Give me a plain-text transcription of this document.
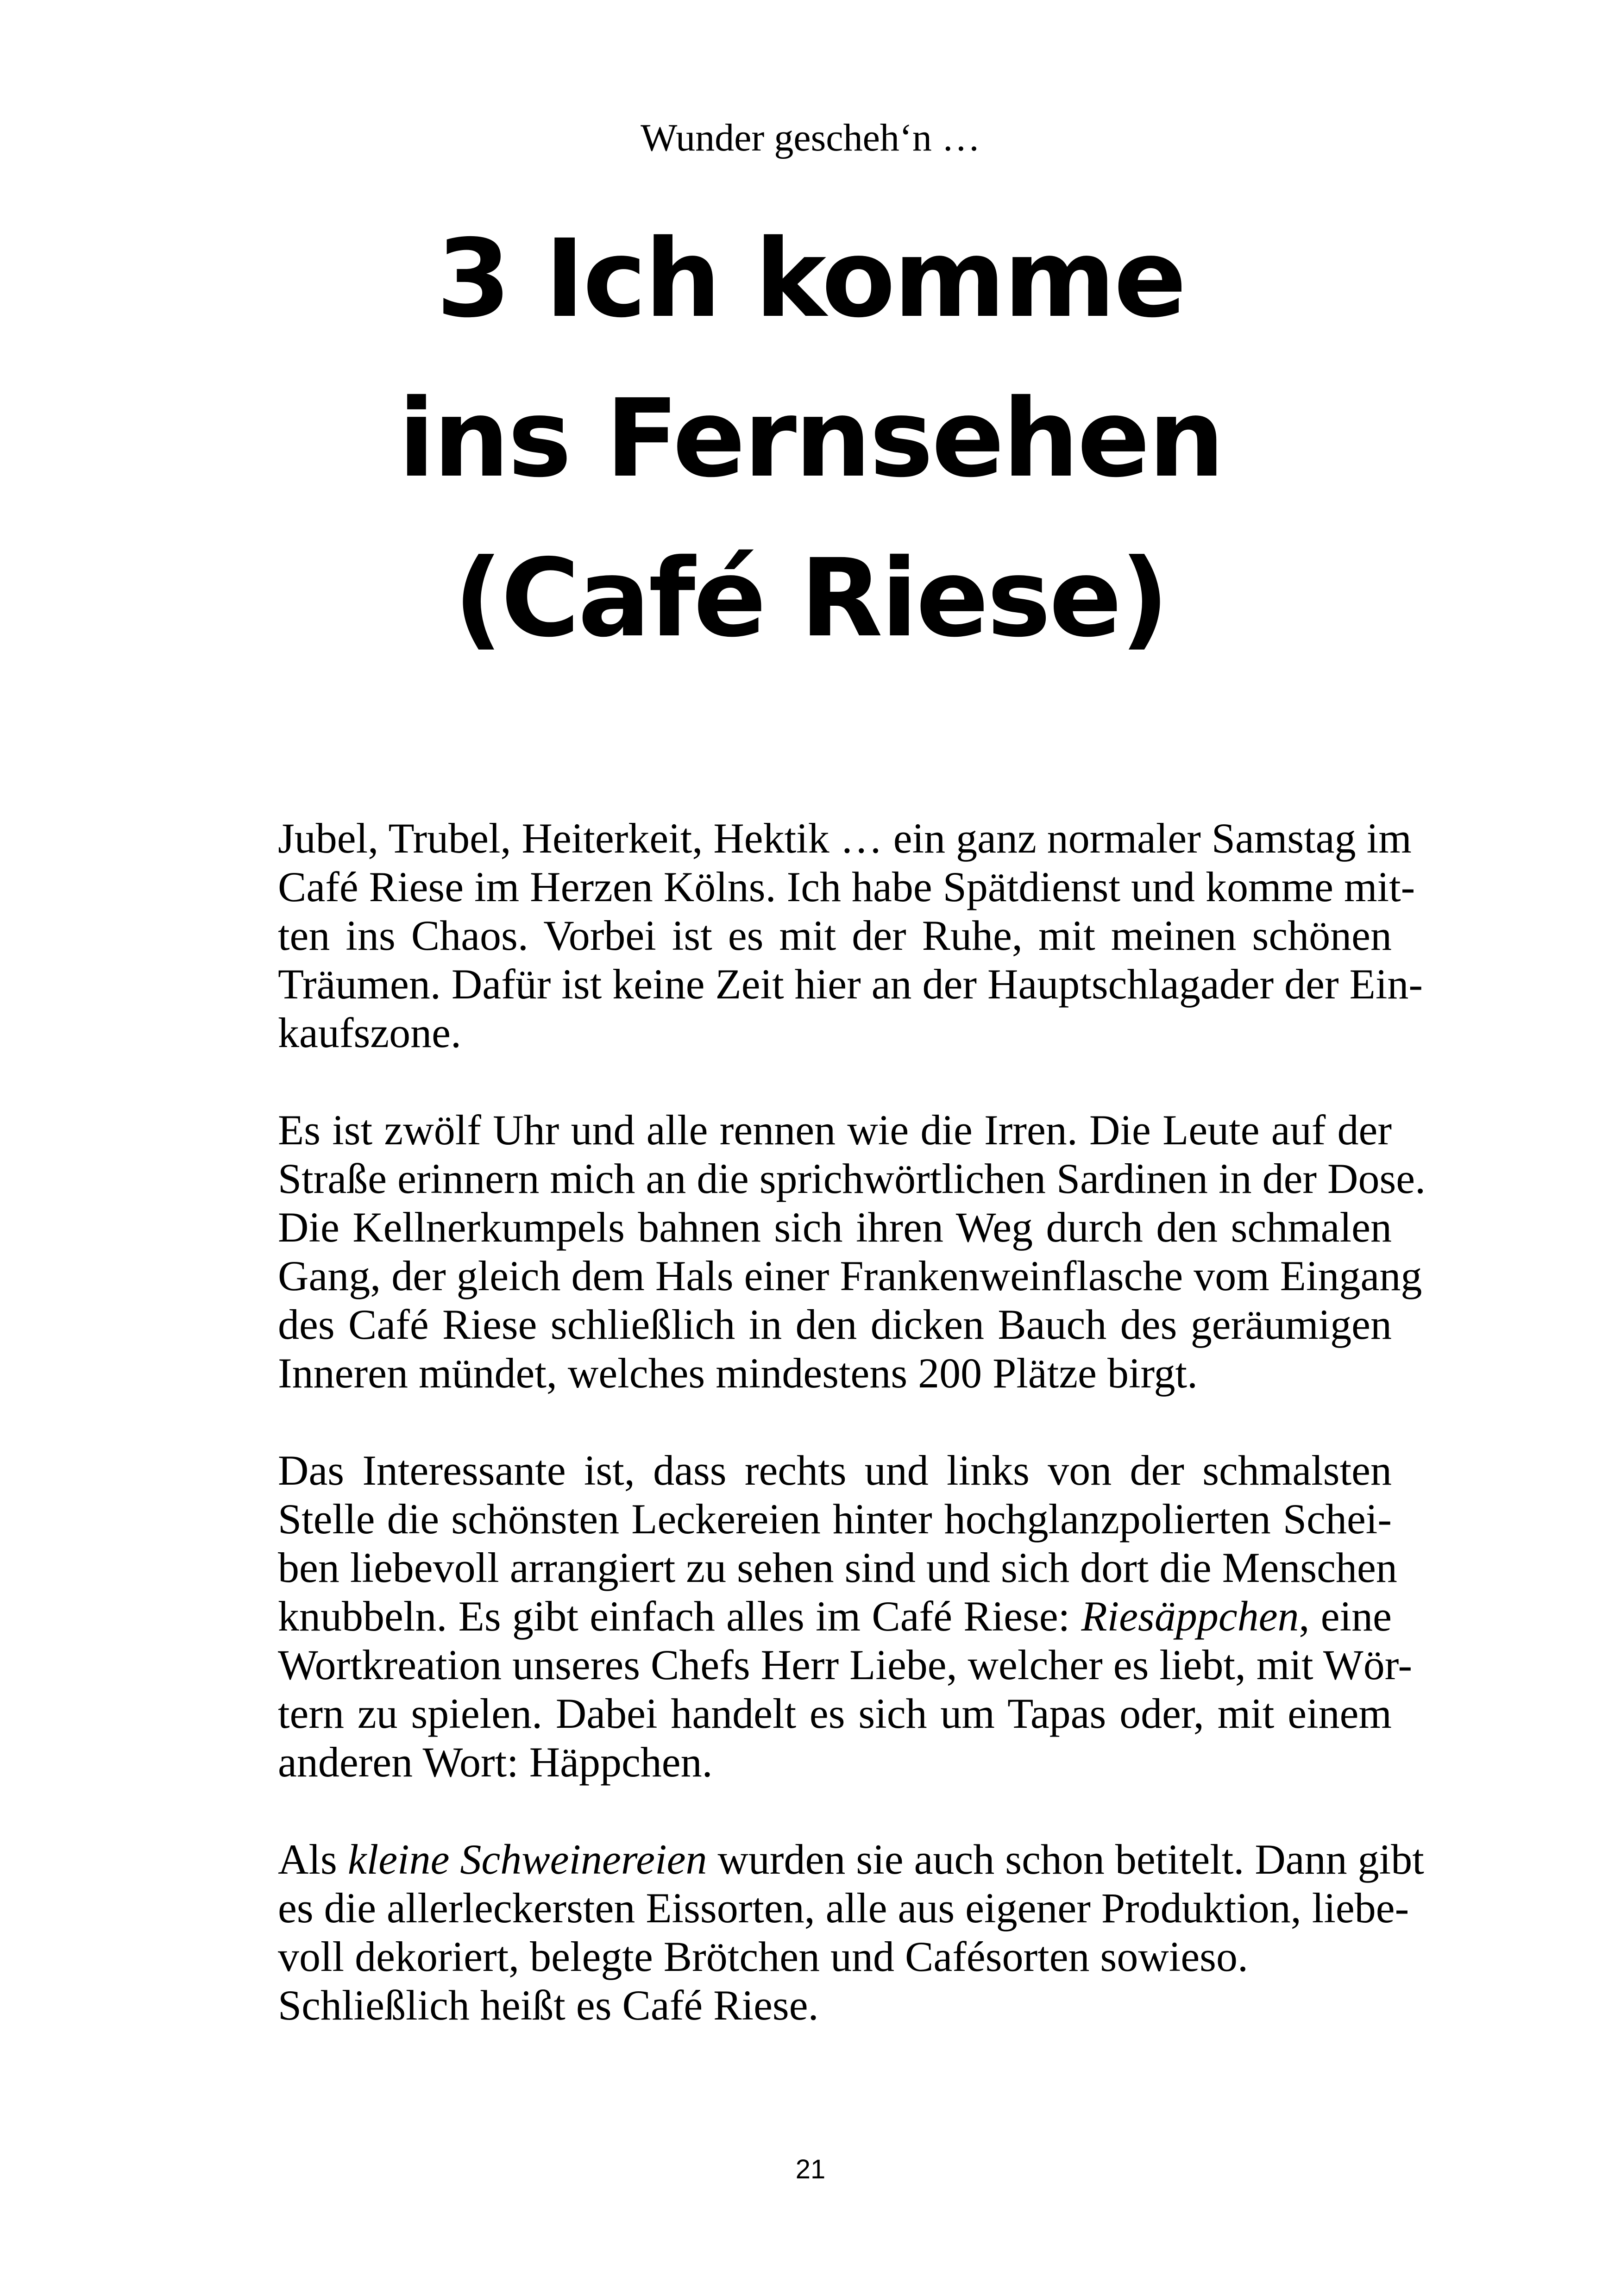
Wunder gescheh‘n …
3 Ich komme
ins Fernsehen
(Café Riese)

Jubel, Trubel, Heiterkeit, Hektik … ein ganz normaler Samstag im
Café Riese im Herzen Kölns. Ich habe Spätdienst und komme mit-
ten ins Chaos. Vorbei ist es mit der Ruhe, mit meinen schönen
Träumen. Dafür ist keine Zeit hier an der Hauptschlagader der Ein-
kaufszone.

Es ist zwölf Uhr und alle rennen wie die Irren. Die Leute auf der
Straße erinnern mich an die sprichwörtlichen Sardinen in der Dose.
Die Kellnerkumpels bahnen sich ihren Weg durch den schmalen
Gang, der gleich dem Hals einer Frankenweinflasche vom Eingang
des Café Riese schließlich in den dicken Bauch des geräumigen
Inneren mündet, welches mindestens 200 Plätze birgt.

Das Interessante ist, dass rechts und links von der schmalsten
Stelle die schönsten Leckereien hinter hochglanzpolierten Schei-
ben liebevoll arrangiert zu sehen sind und sich dort die Menschen
knubbeln. Es gibt einfach alles im Café Riese: Riesäppchen, eine
Wortkreation unseres Chefs Herr Liebe, welcher es liebt, mit Wör-
tern zu spielen. Dabei handelt es sich um Tapas oder, mit einem
anderen Wort: Häppchen.

Als kleine Schweinereien wurden sie auch schon betitelt. Dann gibt
es die allerleckersten Eissorten, alle aus eigener Produktion, liebe-
voll dekoriert, belegte Brötchen und Cafésorten sowieso.
Schließlich heißt es Café Riese.

21
